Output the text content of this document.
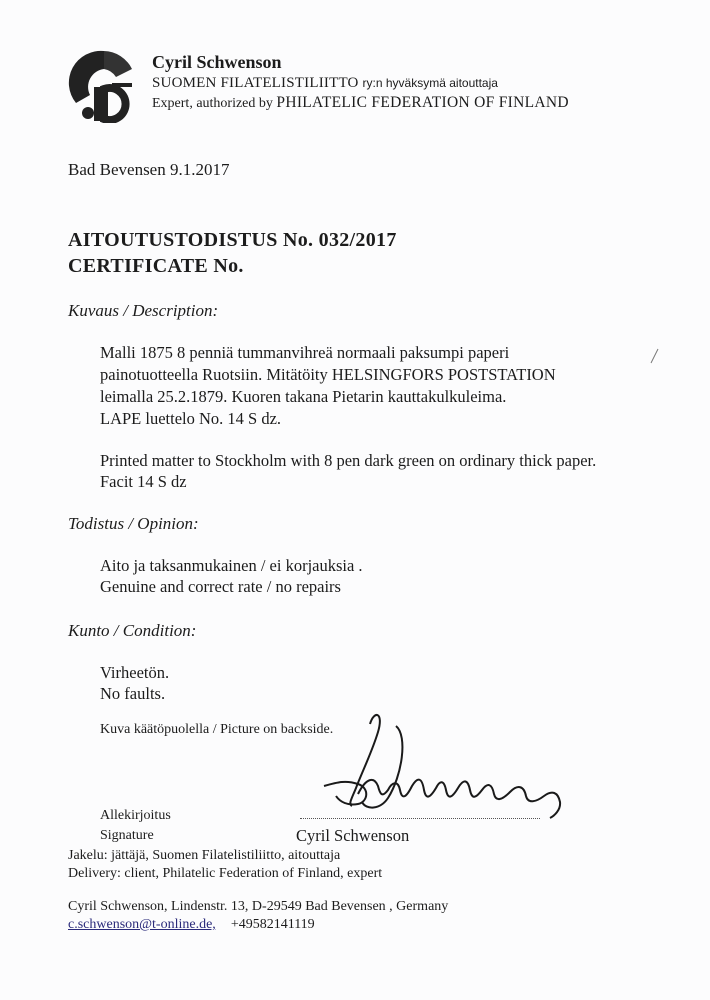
Cyril Schwenson
SUOMEN FILATELISTILIITTO ry:n hyväksymä aitouttaja
Expert, authorized by PHILATELIC FEDERATION OF FINLAND
Bad Bevensen 9.1.2017
AITOUTUSTODISTUS No. 032/2017
CERTIFICATE No.
Kuvaus / Description:
Malli 1875 8 penniä tummanvihreä normaali paksumpi paperi
painotuotteella Ruotsiin. Mitätöity HELSINGFORS POSTSTATION
leimalla 25.2.1879. Kuoren takana Pietarin kauttakulkuleima.
LAPE luettelo No. 14 S dz.
Printed matter to Stockholm with 8 pen dark green on ordinary thick paper.
Facit 14 S dz
Todistus / Opinion:
Aito ja taksanmukainen / ei korjauksia .
Genuine and correct rate / no repairs
Kunto / Condition:
Virheetön.
No faults.
Kuva käätöpuolella / Picture on backside.
Schwenson
Allekirjoitus
Signature	Cyril Schwenson
Jakelu: jättäjä, Suomen Filatelistiliitto, aitouttaja
Delivery: client, Philatelic Federation of Finland, expert
Cyril Schwenson, Lindenstr. 13, D-29549 Bad Bevensen , Germany
c.schwenson@t-online.de, +49582141119
